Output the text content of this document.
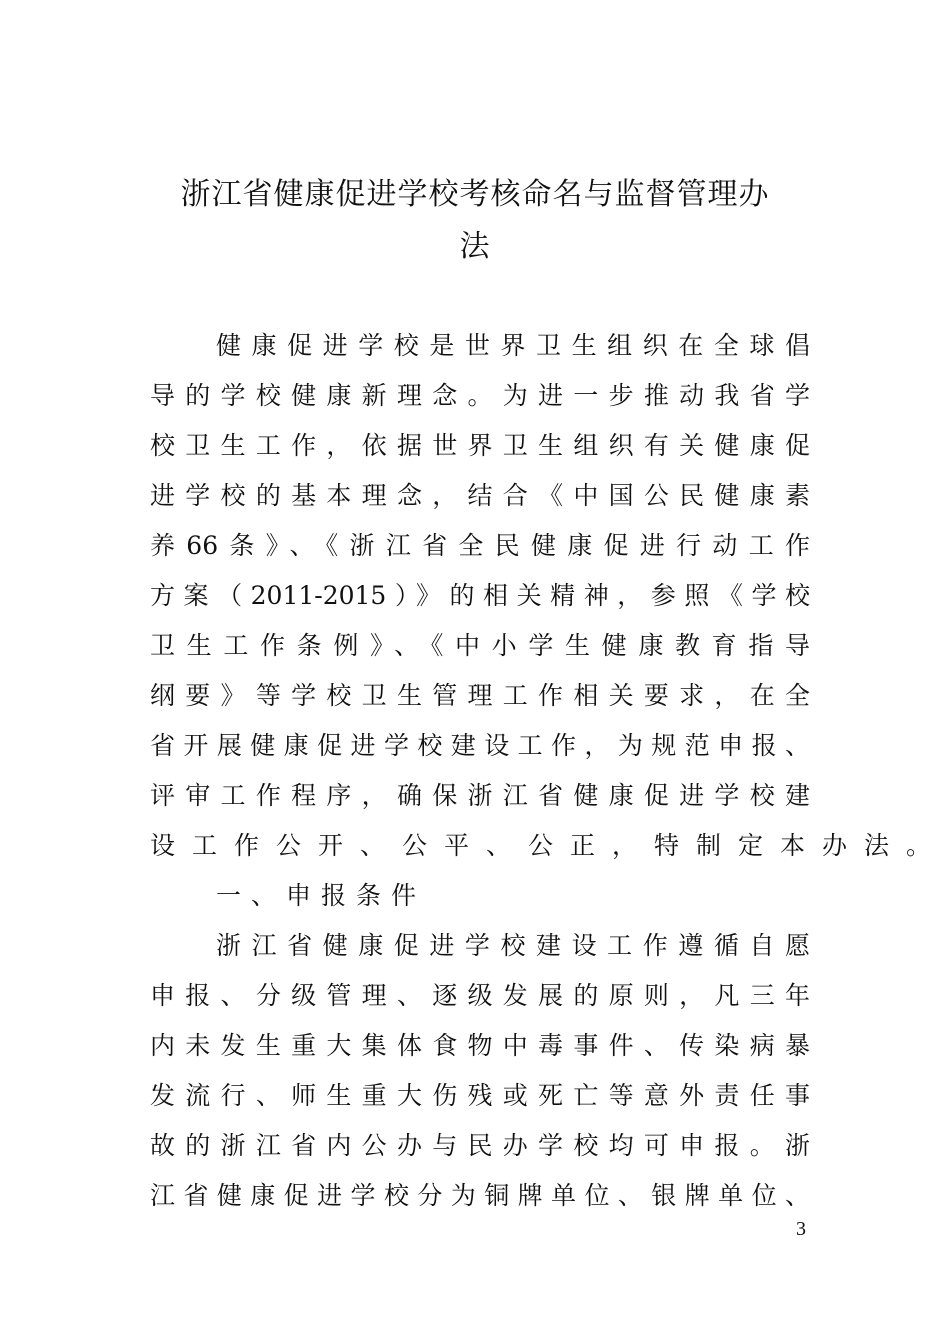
浙江省健康促进学校考核命名与监督管理办
法
健康促进学校是世界卫生组织在全球倡
导的学校健康新理念。为进一步推动我省学
校卫生工作，依据世界卫生组织有关健康促
进学校的基本理念，结合《中国公民健康素
养66条》、《浙江省全民健康促进行动工作
方案（2011-2015）》的相关精神，参照《学校
卫生工作条例》、《中小学生健康教育指导
纲要》等学校卫生管理工作相关要求，在全
省开展健康促进学校建设工作，为规范申报、
评审工作程序，确保浙江省健康促进学校建
设工作公开、公平、公正，特制定本办法。
一、申报条件
浙江省健康促进学校建设工作遵循自愿
申报、分级管理、逐级发展的原则，凡三年
内未发生重大集体食物中毒事件、传染病暴
发流行、师生重大伤残或死亡等意外责任事
故的浙江省内公办与民办学校均可申报。浙
江省健康促进学校分为铜牌单位、银牌单位、
3
